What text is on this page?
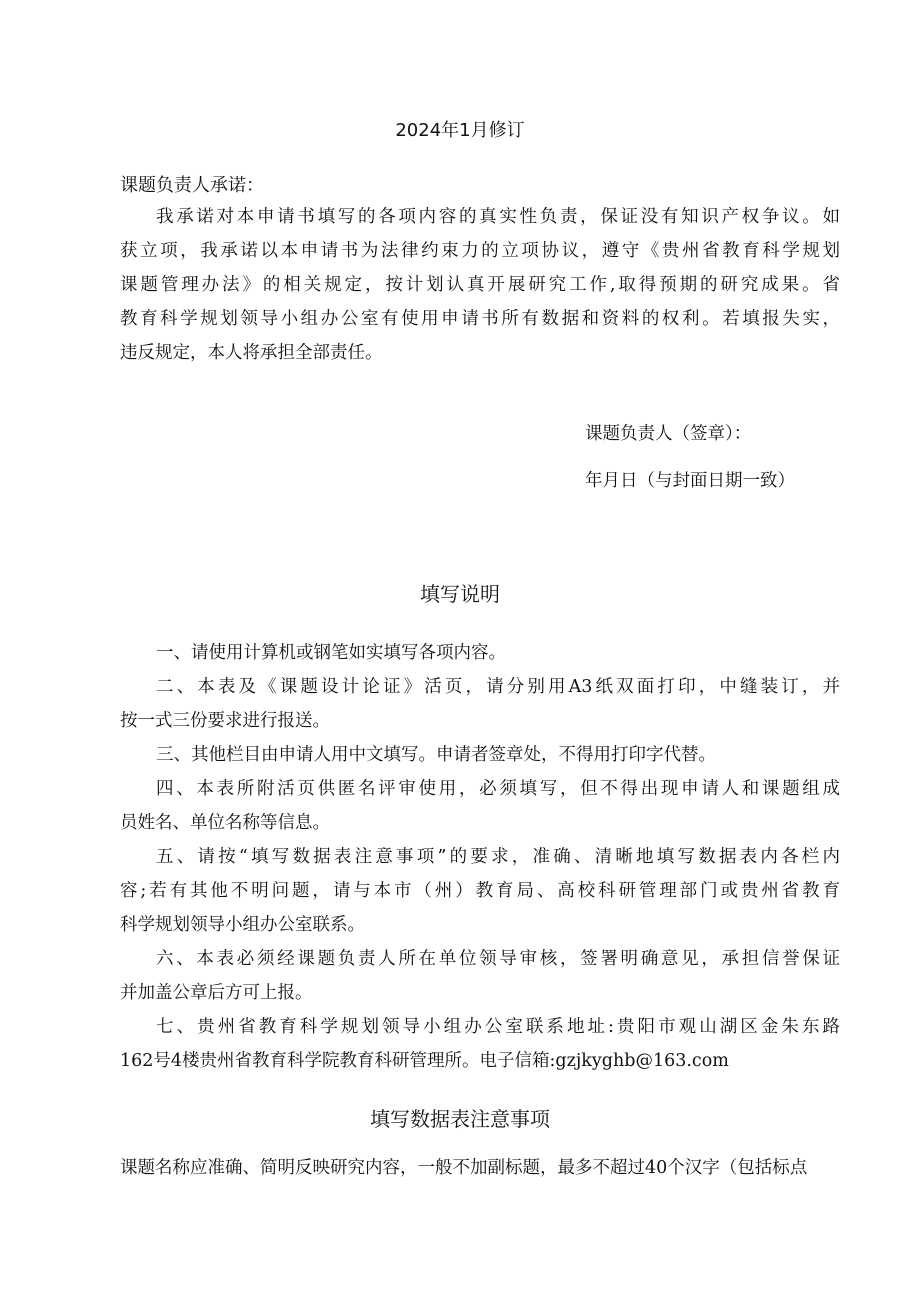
2024年1月修订
课题负责人承诺：
我承诺对本申请书填写的各项内容的真实性负责，保证没有知识产权争议。如
获立项，我承诺以本申请书为法律约束力的立项协议，遵守《贵州省教育科学规划
课题管理办法》的相关规定，按计划认真开展研究工作,取得预期的研究成果。省
教育科学规划领导小组办公室有使用申请书所有数据和资料的权利。若填报失实，
违反规定，本人将承担全部责任。
课题负责人（签章）：
年月日（与封面日期一致）
填写说明
一、请使用计算机或钢笔如实填写各项内容。
二、本表及《课题设计论证》活页，请分别用A3纸双面打印，中缝装订，并
按一式三份要求进行报送。
三、其他栏目由申请人用中文填写。申请者签章处，不得用打印字代替。
四、本表所附活页供匿名评审使用，必须填写，但不得出现申请人和课题组成
员姓名、单位名称等信息。
五、请按“填写数据表注意事项”的要求，准确、清晰地填写数据表内各栏内
容;若有其他不明问题，请与本市（州）教育局、高校科研管理部门或贵州省教育
科学规划领导小组办公室联系。
六、本表必须经课题负责人所在单位领导审核，签署明确意见，承担信誉保证
并加盖公章后方可上报。
七、贵州省教育科学规划领导小组办公室联系地址:贵阳市观山湖区金朱东路
162号4楼贵州省教育科学院教育科研管理所。电子信箱:gzjkyghb@163.com
填写数据表注意事项
课题名称应准确、简明反映研究内容，一般不加副标题，最多不超过40个汉字（包括标点
